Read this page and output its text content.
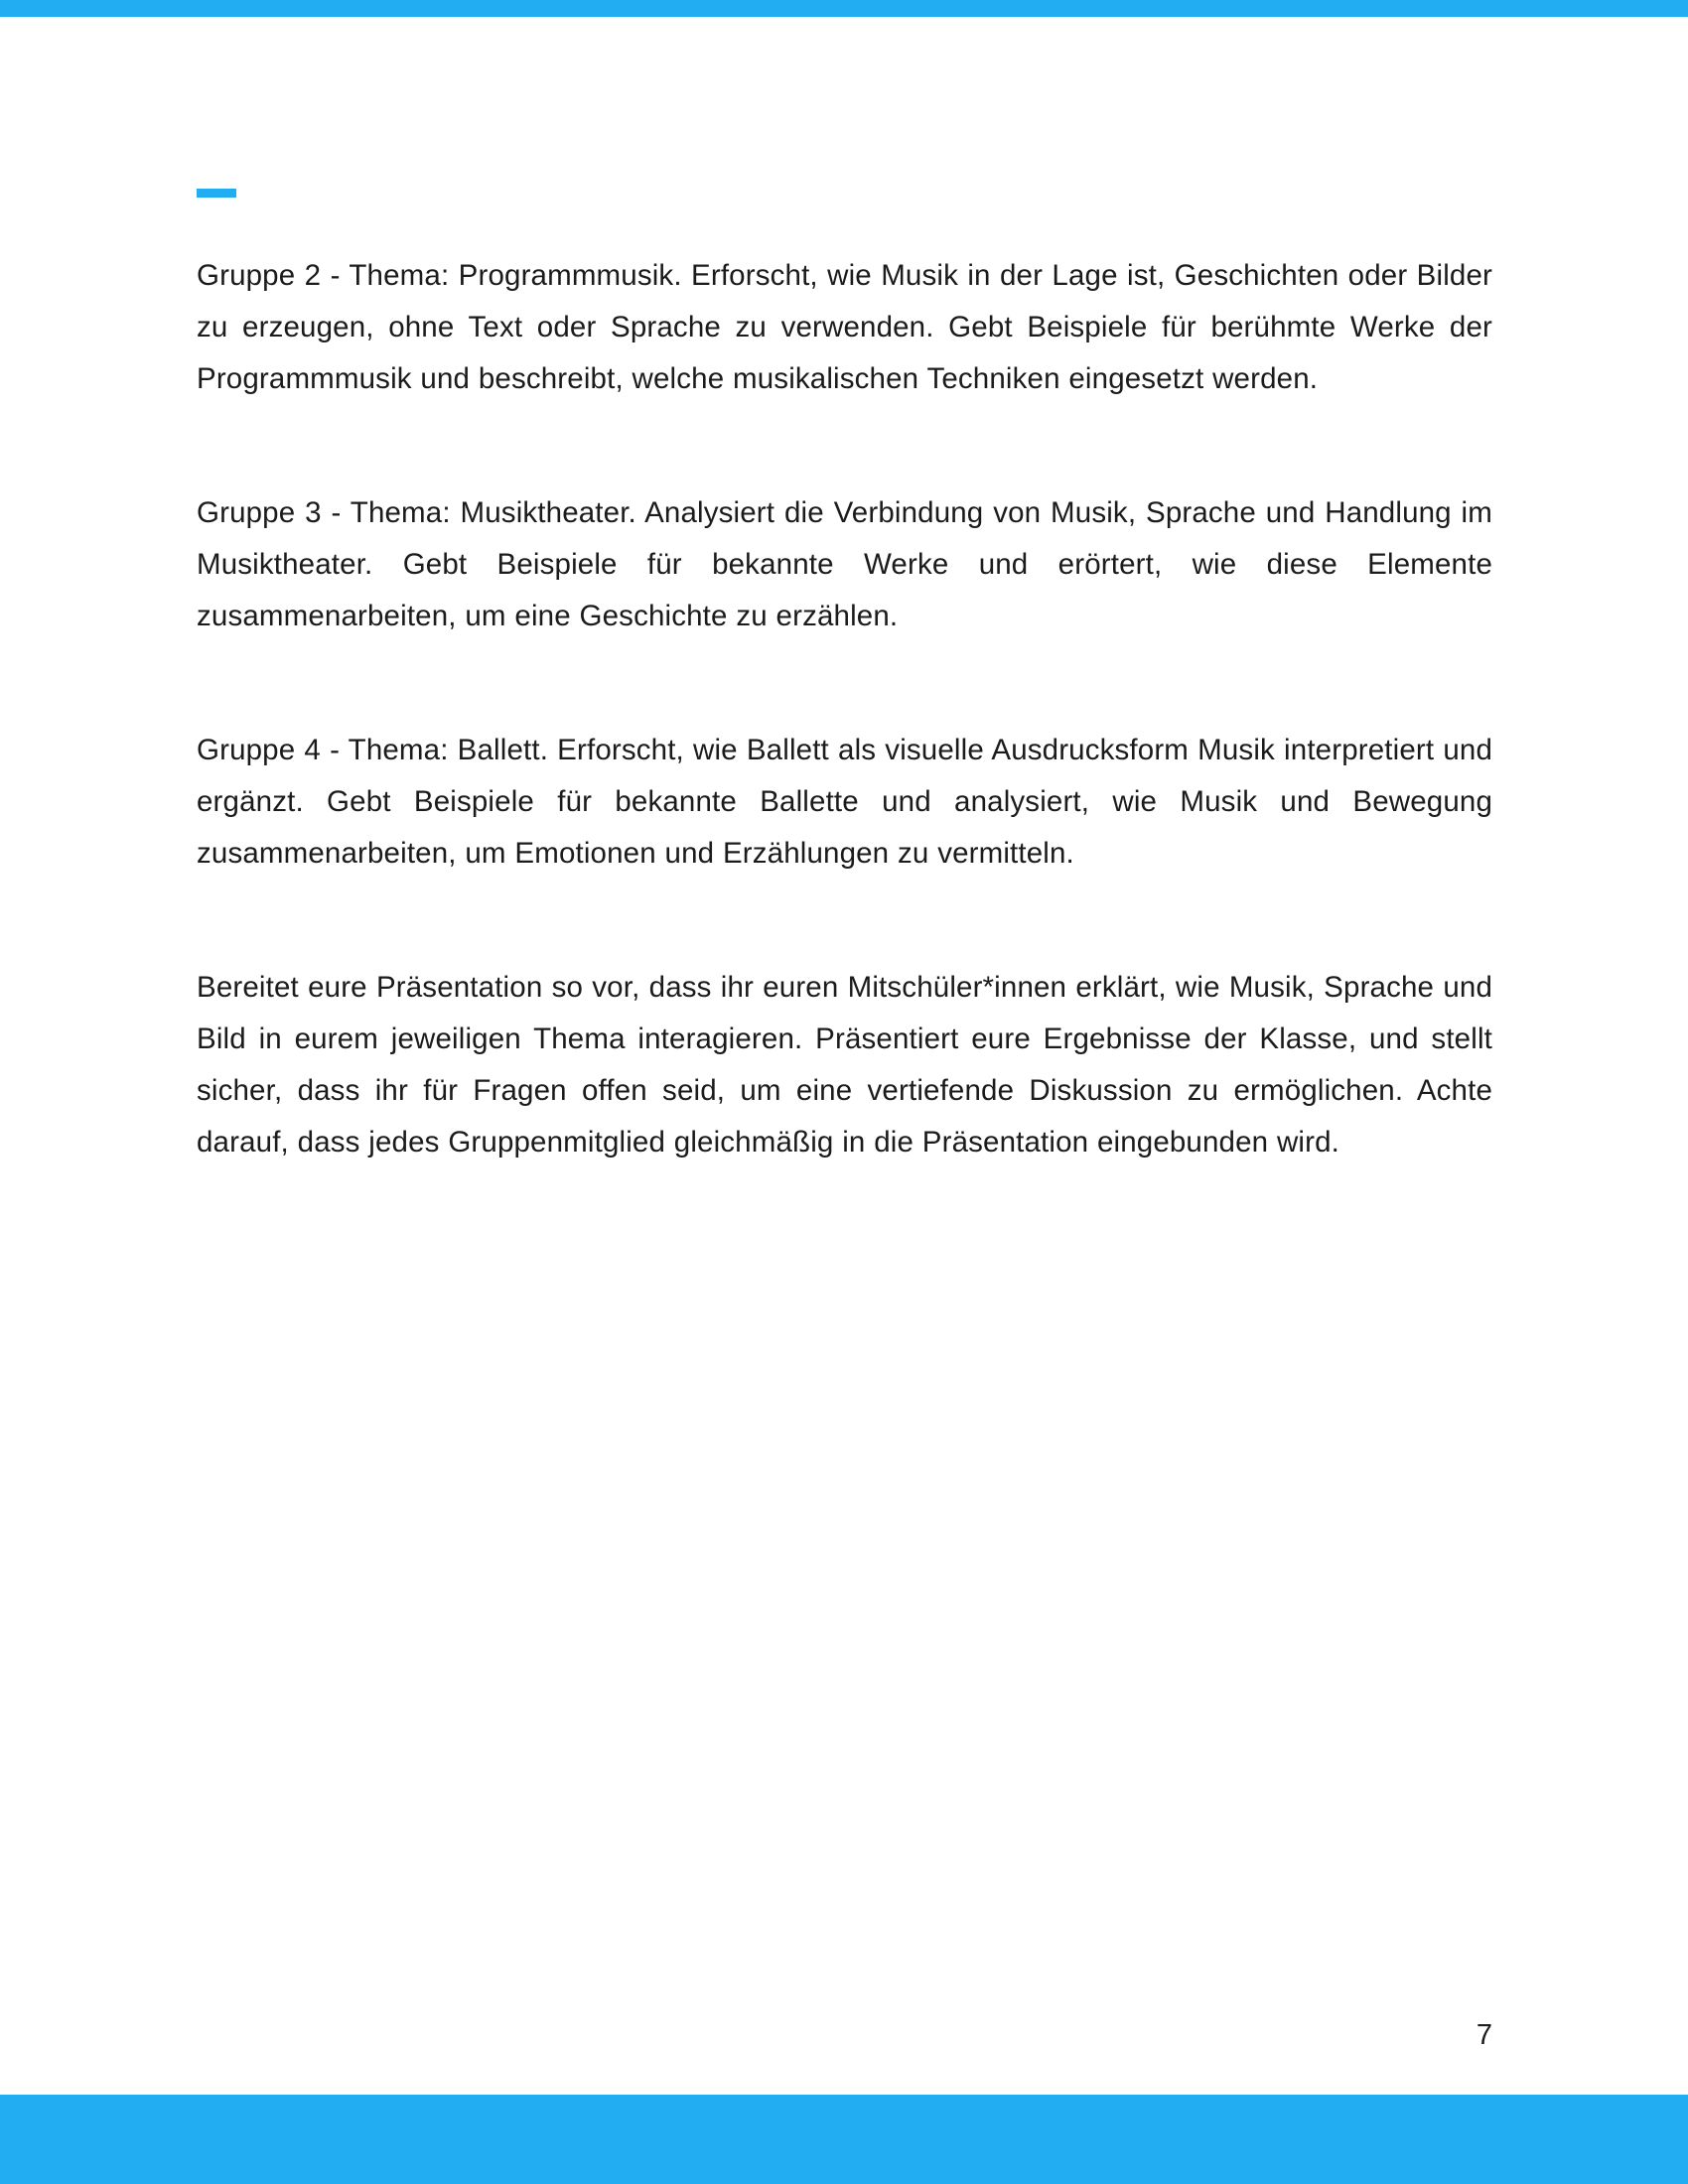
Gruppe 2 - Thema: Programmmusik. Erforscht, wie Musik in der Lage ist, Geschichten oder Bilder zu erzeugen, ohne Text oder Sprache zu verwenden. Gebt Beispiele für berühmte Werke der Programmmusik und beschreibt, welche musikalischen Techniken eingesetzt werden.

Gruppe 3 - Thema: Musiktheater. Analysiert die Verbindung von Musik, Sprache und Handlung im Musiktheater. Gebt Beispiele für bekannte Werke und erörtert, wie diese Elemente zusammenarbeiten, um eine Geschichte zu erzählen.

Gruppe 4 - Thema: Ballett. Erforscht, wie Ballett als visuelle Ausdrucksform Musik interpretiert und ergänzt. Gebt Beispiele für bekannte Ballette und analysiert, wie Musik und Bewegung zusammenarbeiten, um Emotionen und Erzählungen zu vermitteln.

Bereitet eure Präsentation so vor, dass ihr euren Mitschüler*innen erklärt, wie Musik, Sprache und Bild in eurem jeweiligen Thema interagieren. Präsentiert eure Ergebnisse der Klasse, und stellt sicher, dass ihr für Fragen offen seid, um eine vertiefende Diskussion zu ermöglichen. Achte darauf, dass jedes Gruppenmitglied gleichmäßig in die Präsentation eingebunden wird.

7
